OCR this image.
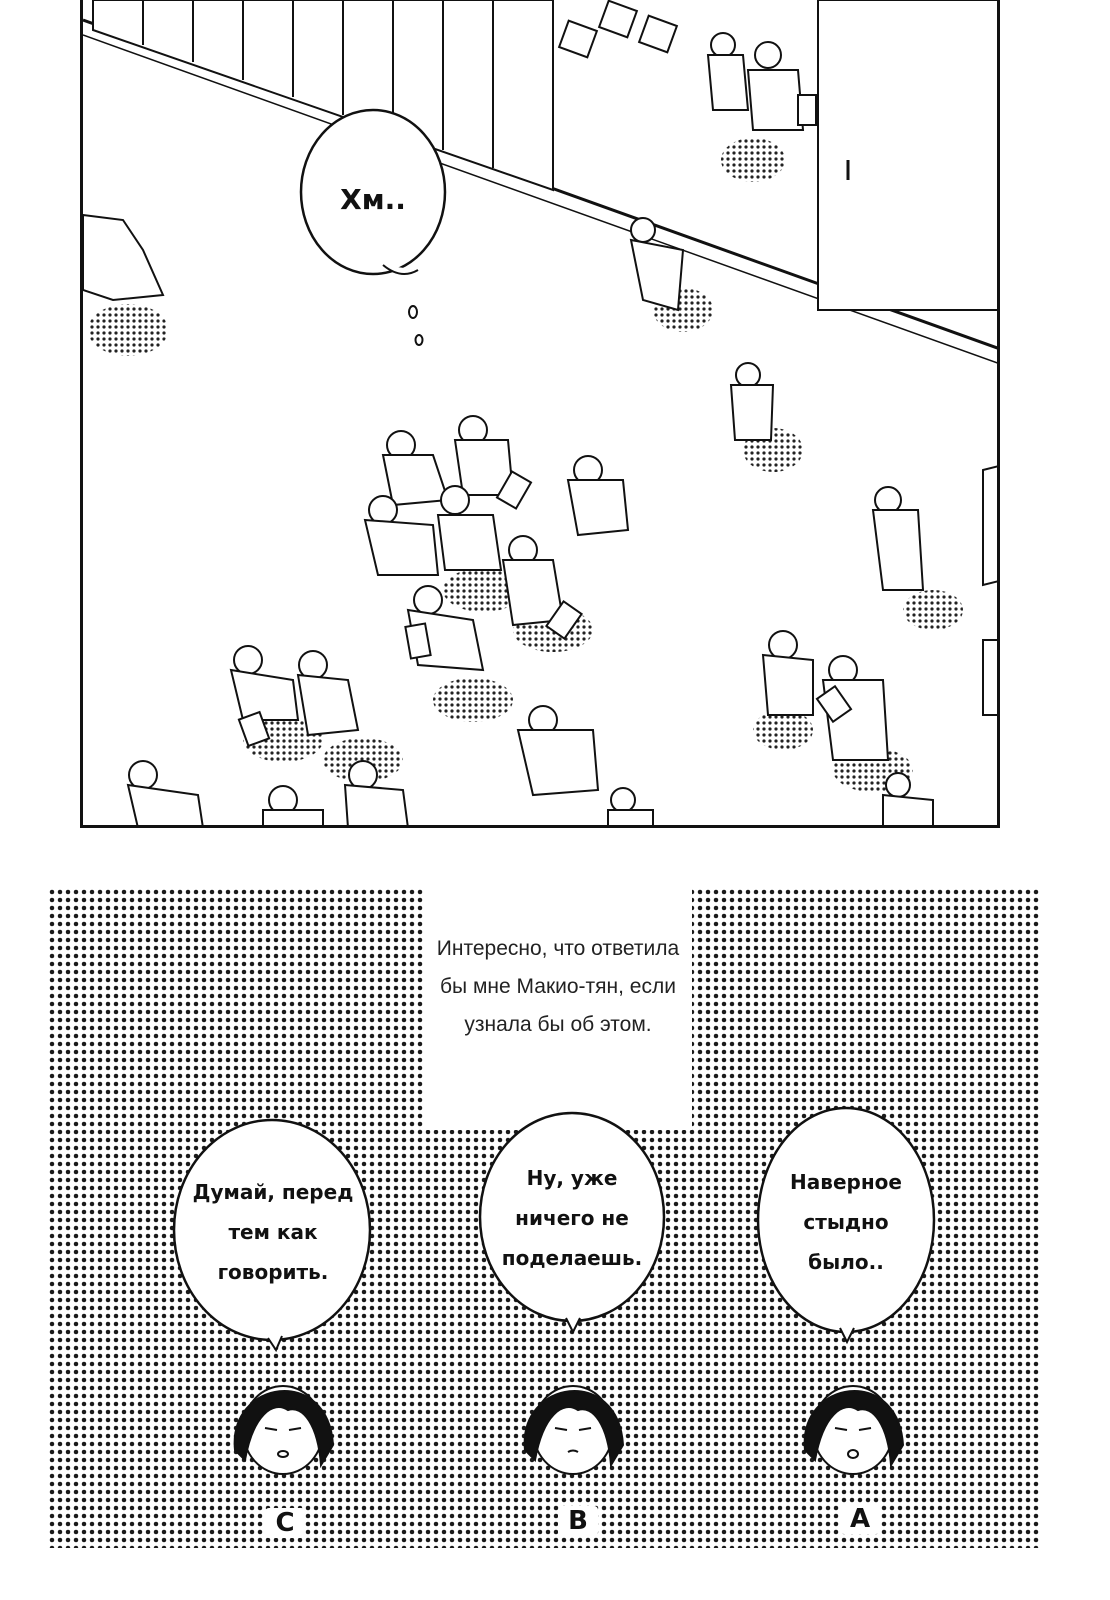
Хм..
Интересно, что ответила бы мне Макио-тян, если узнала бы об этом.
Думай, перед
тем как
говорить.
Ну, уже
ничего не
поделаешь.
Наверное
стыдно
было..
C	B	A
